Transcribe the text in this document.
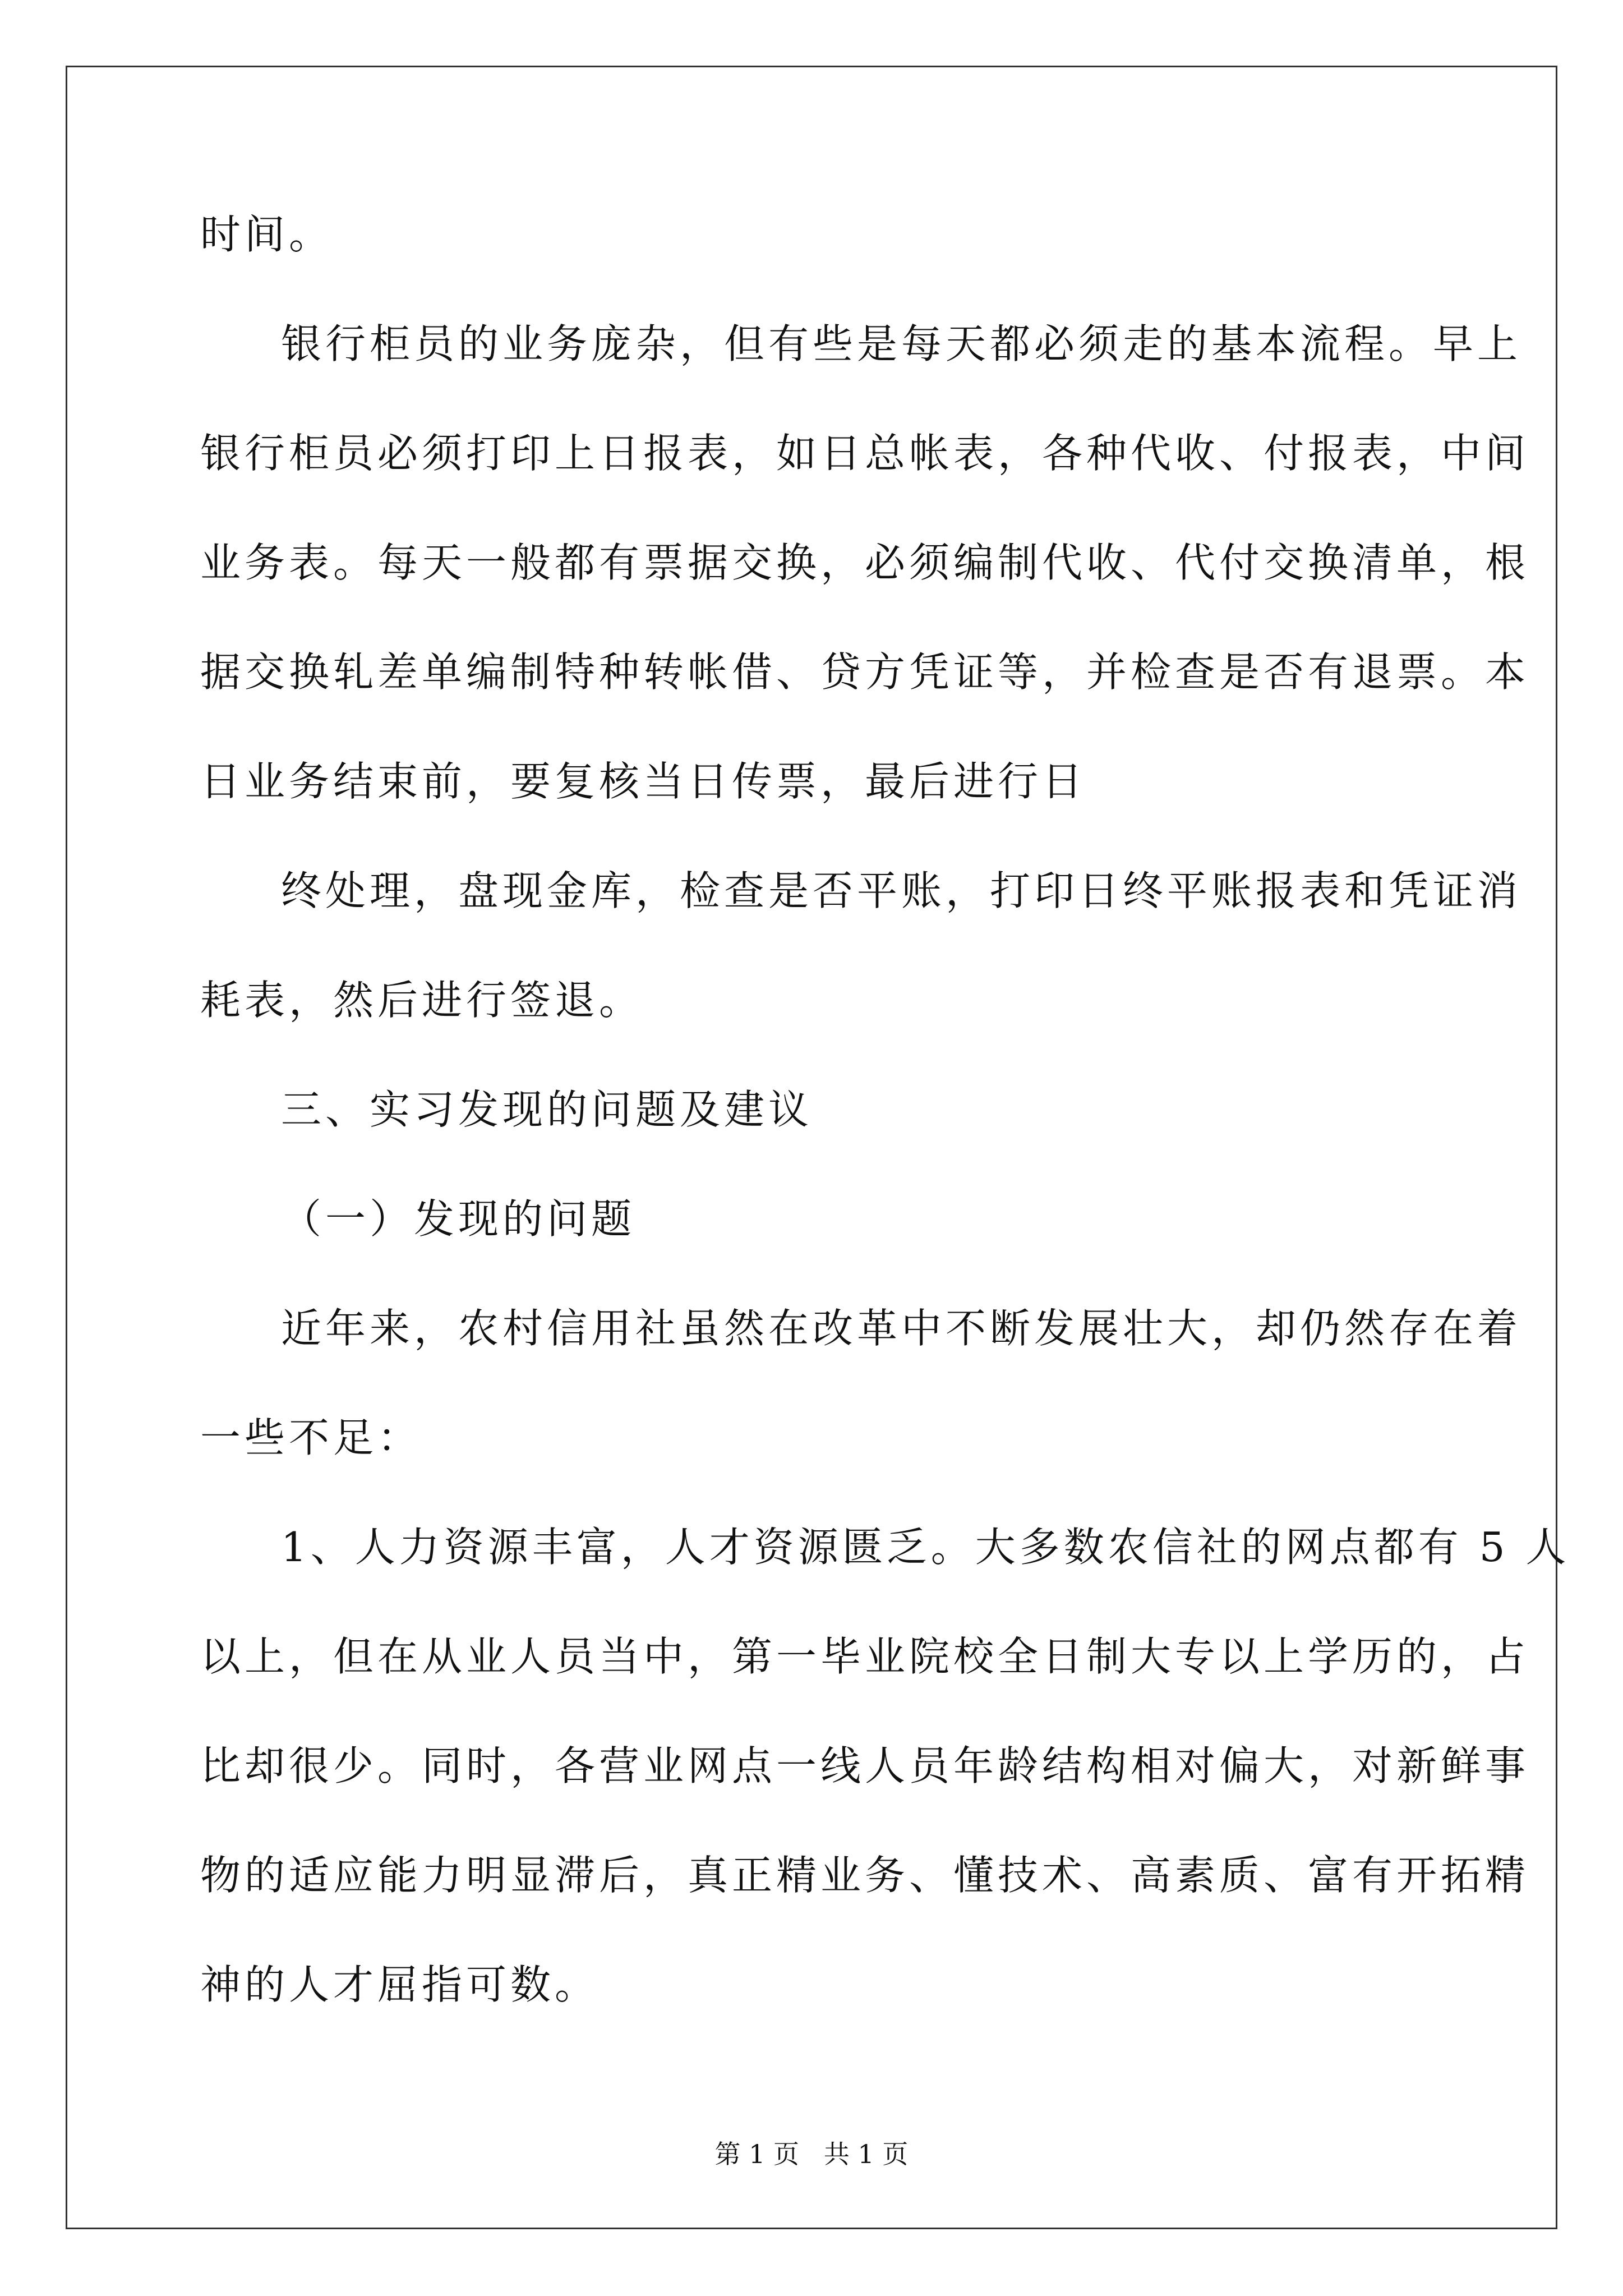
时间。
银行柜员的业务庞杂，但有些是每天都必须走的基本流程。早上
银行柜员必须打印上日报表，如日总帐表，各种代收、付报表，中间
业务表。每天一般都有票据交换，必须编制代收、代付交换清单，根
据交换轧差单编制特种转帐借、贷方凭证等，并检查是否有退票。本
日业务结束前，要复核当日传票，最后进行日
终处理，盘现金库，检查是否平账，打印日终平账报表和凭证消
耗表，然后进行签退。
三、实习发现的问题及建议
（一）发现的问题
近年来，农村信用社虽然在改革中不断发展壮大，却仍然存在着
一些不足：
1、人力资源丰富，人才资源匮乏。大多数农信社的网点都有 5 人
以上，但在从业人员当中，第一毕业院校全日制大专以上学历的，占
比却很少。同时，各营业网点一线人员年龄结构相对偏大，对新鲜事
物的适应能力明显滞后，真正精业务、懂技术、高素质、富有开拓精
神的人才屈指可数。
第 1 页   共 1 页
